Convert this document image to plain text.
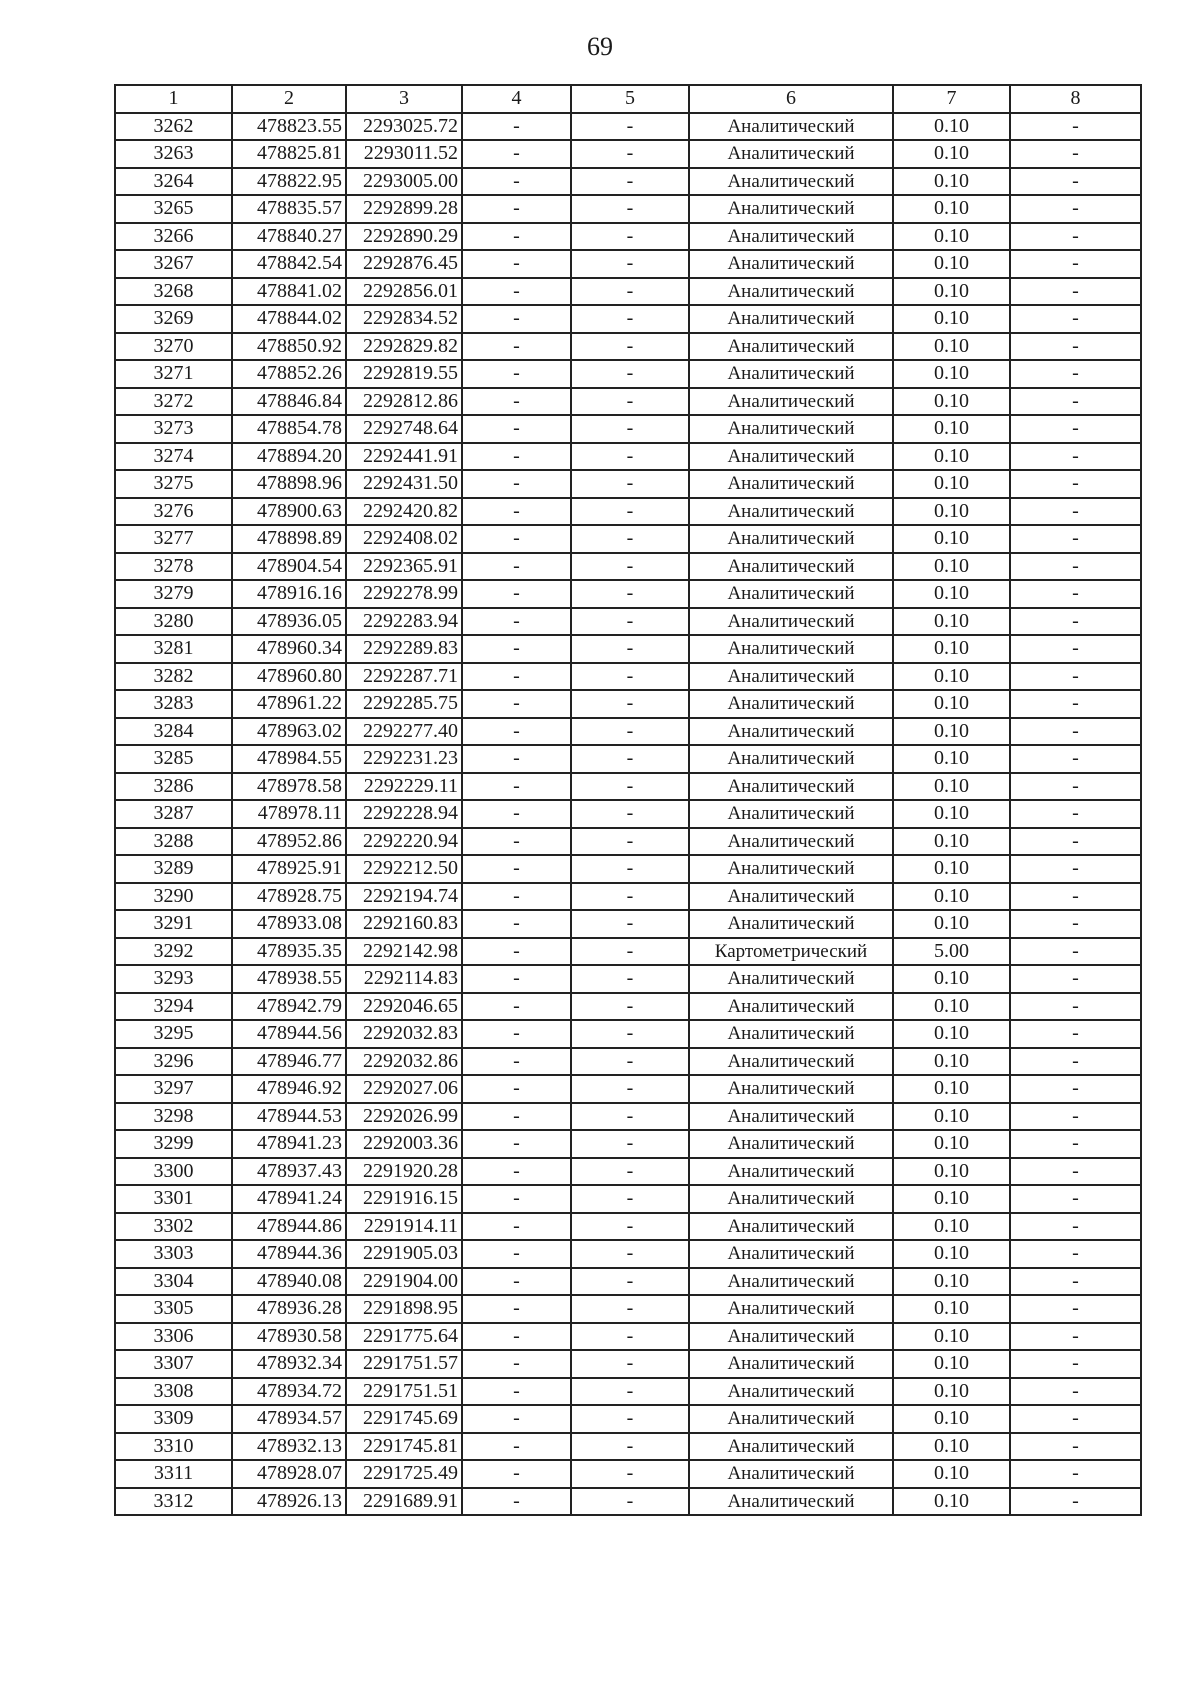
69
1	2	3	4	5	6	7	8
3262	478823.55	2293025.72	-	-	Аналитический	0.10	-
3263	478825.81	2293011.52	-	-	Аналитический	0.10	-
3264	478822.95	2293005.00	-	-	Аналитический	0.10	-
3265	478835.57	2292899.28	-	-	Аналитический	0.10	-
3266	478840.27	2292890.29	-	-	Аналитический	0.10	-
3267	478842.54	2292876.45	-	-	Аналитический	0.10	-
3268	478841.02	2292856.01	-	-	Аналитический	0.10	-
3269	478844.02	2292834.52	-	-	Аналитический	0.10	-
3270	478850.92	2292829.82	-	-	Аналитический	0.10	-
3271	478852.26	2292819.55	-	-	Аналитический	0.10	-
3272	478846.84	2292812.86	-	-	Аналитический	0.10	-
3273	478854.78	2292748.64	-	-	Аналитический	0.10	-
3274	478894.20	2292441.91	-	-	Аналитический	0.10	-
3275	478898.96	2292431.50	-	-	Аналитический	0.10	-
3276	478900.63	2292420.82	-	-	Аналитический	0.10	-
3277	478898.89	2292408.02	-	-	Аналитический	0.10	-
3278	478904.54	2292365.91	-	-	Аналитический	0.10	-
3279	478916.16	2292278.99	-	-	Аналитический	0.10	-
3280	478936.05	2292283.94	-	-	Аналитический	0.10	-
3281	478960.34	2292289.83	-	-	Аналитический	0.10	-
3282	478960.80	2292287.71	-	-	Аналитический	0.10	-
3283	478961.22	2292285.75	-	-	Аналитический	0.10	-
3284	478963.02	2292277.40	-	-	Аналитический	0.10	-
3285	478984.55	2292231.23	-	-	Аналитический	0.10	-
3286	478978.58	2292229.11	-	-	Аналитический	0.10	-
3287	478978.11	2292228.94	-	-	Аналитический	0.10	-
3288	478952.86	2292220.94	-	-	Аналитический	0.10	-
3289	478925.91	2292212.50	-	-	Аналитический	0.10	-
3290	478928.75	2292194.74	-	-	Аналитический	0.10	-
3291	478933.08	2292160.83	-	-	Аналитический	0.10	-
3292	478935.35	2292142.98	-	-	Картометрический	5.00	-
3293	478938.55	2292114.83	-	-	Аналитический	0.10	-
3294	478942.79	2292046.65	-	-	Аналитический	0.10	-
3295	478944.56	2292032.83	-	-	Аналитический	0.10	-
3296	478946.77	2292032.86	-	-	Аналитический	0.10	-
3297	478946.92	2292027.06	-	-	Аналитический	0.10	-
3298	478944.53	2292026.99	-	-	Аналитический	0.10	-
3299	478941.23	2292003.36	-	-	Аналитический	0.10	-
3300	478937.43	2291920.28	-	-	Аналитический	0.10	-
3301	478941.24	2291916.15	-	-	Аналитический	0.10	-
3302	478944.86	2291914.11	-	-	Аналитический	0.10	-
3303	478944.36	2291905.03	-	-	Аналитический	0.10	-
3304	478940.08	2291904.00	-	-	Аналитический	0.10	-
3305	478936.28	2291898.95	-	-	Аналитический	0.10	-
3306	478930.58	2291775.64	-	-	Аналитический	0.10	-
3307	478932.34	2291751.57	-	-	Аналитический	0.10	-
3308	478934.72	2291751.51	-	-	Аналитический	0.10	-
3309	478934.57	2291745.69	-	-	Аналитический	0.10	-
3310	478932.13	2291745.81	-	-	Аналитический	0.10	-
3311	478928.07	2291725.49	-	-	Аналитический	0.10	-
3312	478926.13	2291689.91	-	-	Аналитический	0.10	-
